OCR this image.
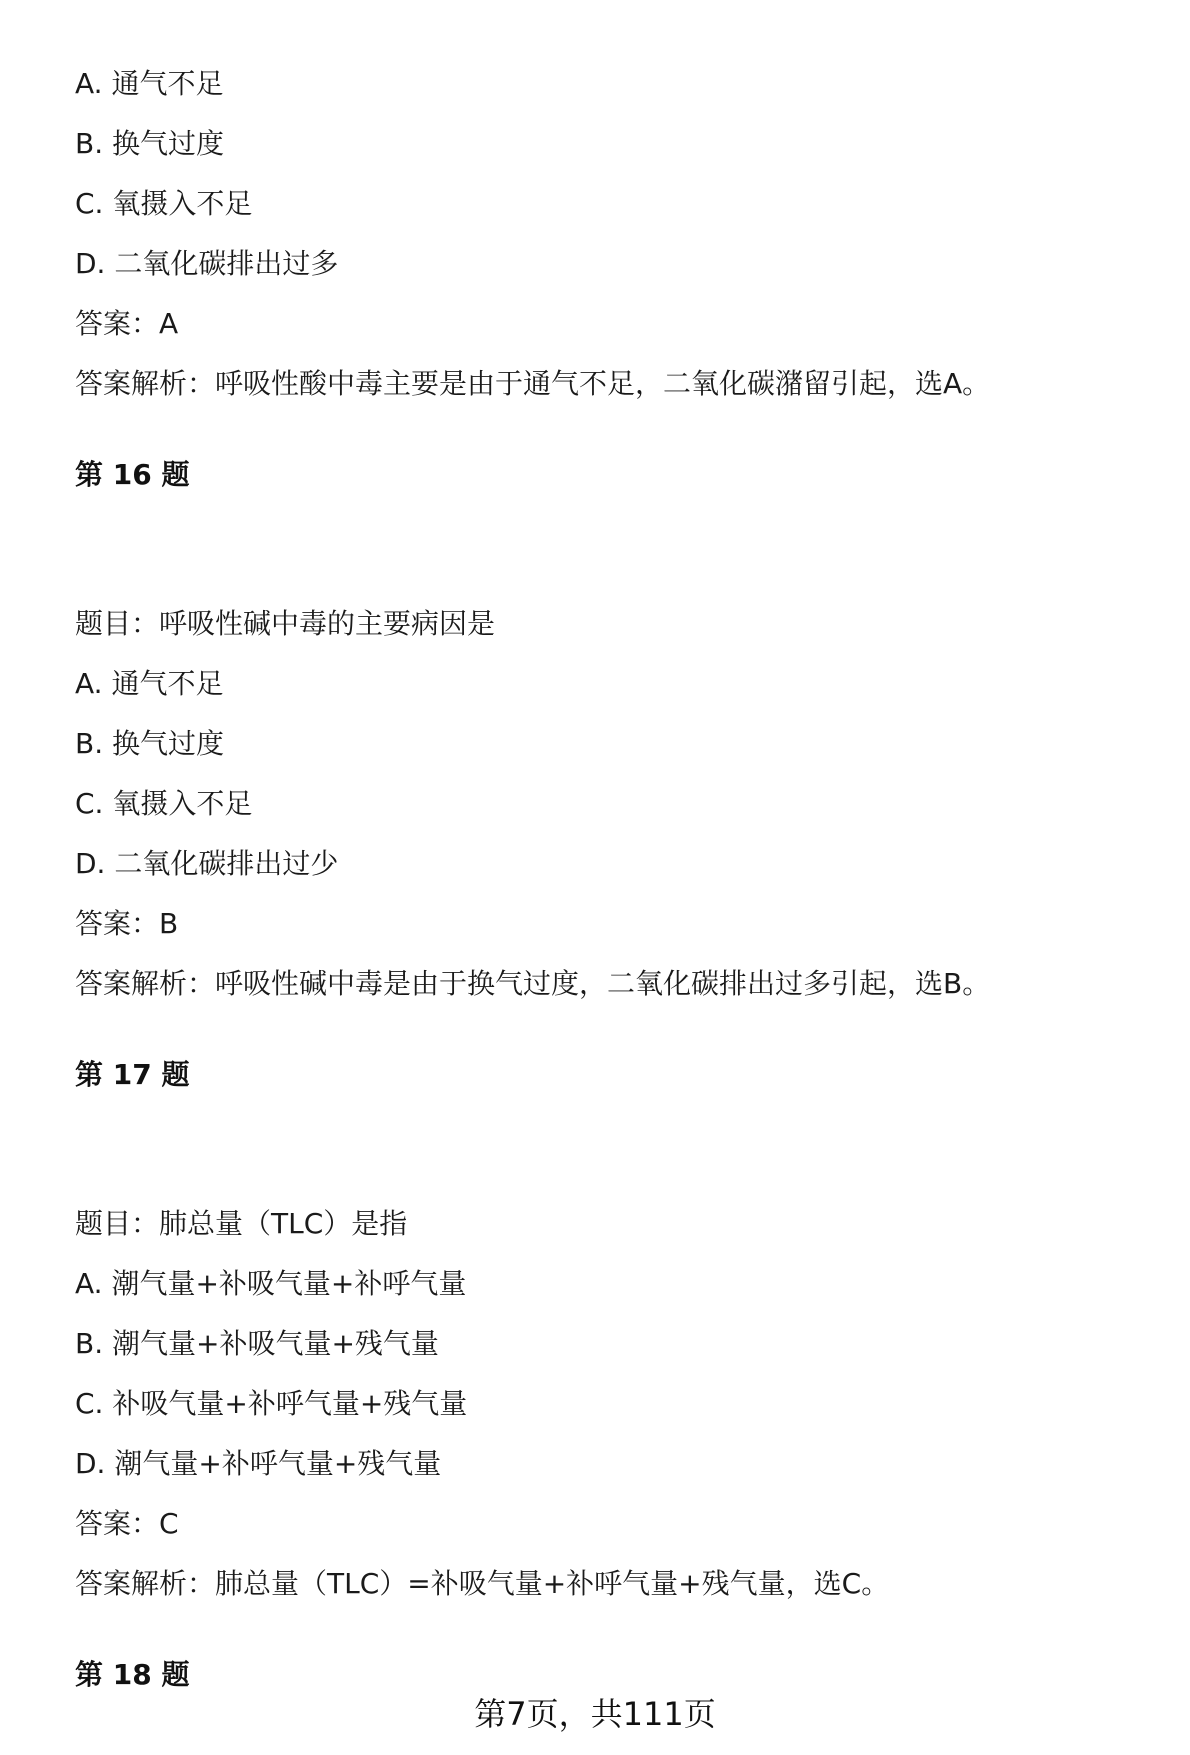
A. 通气不足
B. 换气过度
C. 氧摄入不足
D. 二氧化碳排出过多
答案：A
答案解析：呼吸性酸中毒主要是由于通气不足，二氧化碳潴留引起，选A。
第 16 题
题目：呼吸性碱中毒的主要病因是
A. 通气不足
B. 换气过度
C. 氧摄入不足
D. 二氧化碳排出过少
答案：B
答案解析：呼吸性碱中毒是由于换气过度，二氧化碳排出过多引起，选B。
第 17 题
题目：肺总量（TLC）是指
A. 潮气量+补吸气量+补呼气量
B. 潮气量+补吸气量+残气量
C. 补吸气量+补呼气量+残气量
D. 潮气量+补呼气量+残气量
答案：C
答案解析：肺总量（TLC）=补吸气量+补呼气量+残气量，选C。
第 18 题
第7页，共111页
